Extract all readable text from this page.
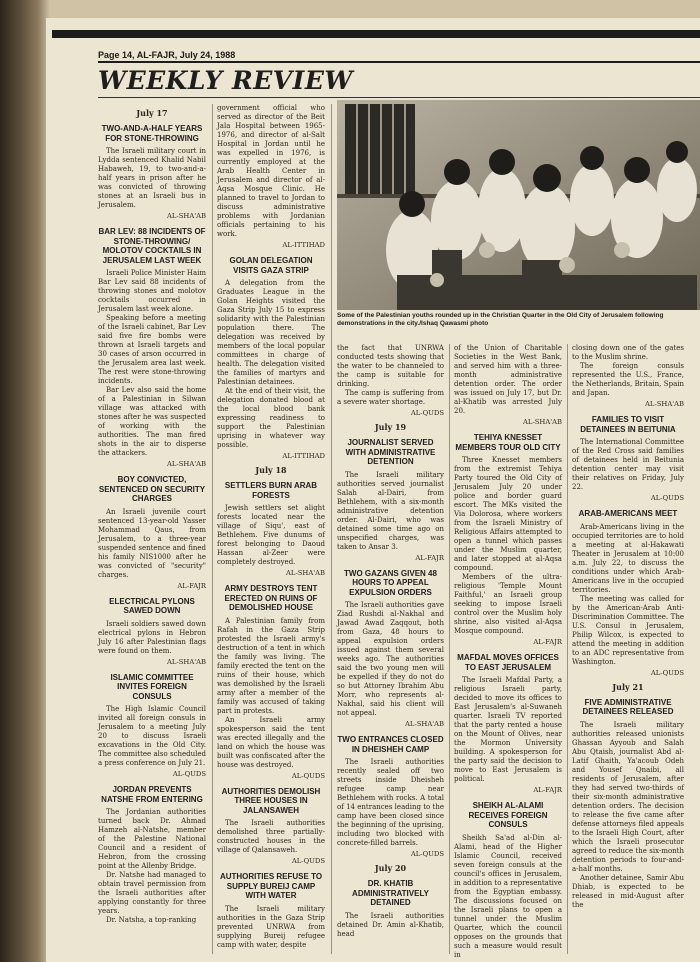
Page 14, AL-FAJR, July 24, 1988
WEEKLY REVIEW
July 17
TWO-AND-A-HALF YEARS FOR STONE-THROWING

The Israeli military court in Lydda sentenced Khalid Nabil Habaweh, 19, to two-and-a-half years in prison after he was convicted of throwing stones at an Israeli bus in Jerusalem.

AL-SHA'AB
BAR LEV: 88 INCIDENTS OF STONE-THROWING/ MOLOTOV COCKTAILS IN JERUSALEM LAST WEEK

Israeli Police Minister Haim Bar Lev said 88 incidents of throwing stones and molotov cocktails occurred in Jerusalem last week alone.

Speaking before a meeting of the Israeli cabinet, Bar Lev said five fire bombs were thrown at Israeli targets and 30 cases of arson occurred in the Jerusalem area last week. The rest were stone-throwing incidents.

Bar Lev also said the home of a Palestinian in Silwan village was attacked with stones after he was suspected of working with the authorities. The man fired shots in the air to disperse the attackers.

AL-SHA'AB
BOY CONVICTED, SENTENCED ON SECURITY CHARGES

An Israeli juvenile court sentenced 13-year-old Yasser Mohammad Qaus, from Jerusalem, to a three-year suspended sentence and fined his family NIS1000 after he was convicted of "security" charges.

AL-FAJR
ELECTRICAL PYLONS SAWED DOWN

Israeli soldiers sawed down electrical pylons in Hebron July 16 after Palestinian flags were found on them.

AL-SHA'AB
ISLAMIC COMMITTEE INVITES FOREIGN CONSULS

The High Islamic Council invited all foreign consuls in Jerusalem to a meeting July 20 to discuss Israeli excavations in the Old City. The committee also scheduled a press conference on July 21.

AL-QUDS
JORDAN PREVENTS NATSHE FROM ENTERING

The Jordanian authorities turned back Dr. Ahmad Hamzeh al-Natshe, member of the Palestine National Council and a resident of Hebron, from the crossing point at the Allenby Bridge.

Dr. Natshe had managed to obtain travel permission from the Israeli authorities after applying constantly for three years.

Dr. Natsha, a top-ranking

government official who served as director of the Beit Jala Hospital between 1965-1976, and director of al-Salt Hospital in Jordan until he was expelled in 1976, is currently employed at the Arab Health Center in Jerusalem and director of al-Aqsa Mosque Clinic. He planned to travel to Jordan to discuss administrative problems with Jordanian officials pertaining to his work.

AL-ITTIHAD
GOLAN DELEGATION VISITS GAZA STRIP

A delegation from the Graduates League in the Golan Heights visited the Gaza Strip July 15 to express solidarity with the Palestinian population there. The delegation was received by members of the local popular committees in charge of health. The delegation visited the families of martyrs and Palestinian detainees.

At the end of their visit, the delegation donated blood at the local blood bank expressing readiness to support the Palestinian uprising in whatever way possible.

AL-ITTIHAD
July 18
SETTLERS BURN ARAB FORESTS

Jewish settlers set alight forests located near the village of Siqu', east of Bethlehem. Five dunums of forest belonging to Daoud Hassan al-Zeer were completely destroyed.

AL-SHA'AB
ARMY DESTROYS TENT ERECTED ON RUINS OF DEMOLISHED HOUSE

A Palestinian family from Rafah in the Gaza Strip protested the Israeli army's destruction of a tent in which the family was living. The family erected the tent on the ruins of their house, which was demolished by the Israeli army after a member of the family was accused of taking part in protests.

An Israeli army spokesperson said the tent was erected illegally and the land on which the house was built was confiscated after the house was destroyed.

AL-QUDS
AUTHORITIES DEMOLISH THREE HOUSES IN JALANSAWEH

The Israeli authorities demolished three partially-constructed houses in the village of Qalansaweh.

AL-QUDS
AUTHORITIES REFUSE TO SUPPLY BUREIJ CAMP WITH WATER

The Israeli military authorities in the Gaza Strip prevented UNRWA from supplying Bureij refugee camp with water, despite

Some of the Palestinian youths rounded up in the Christian Quarter in the Old City of Jerusalem following demonstrations in the city./Ishaq Qawasmi photo

the fact that UNRWA conducted tests showing that the water to be channeled to the camp is suitable for drinking.

The camp is suffering from a severe water shortage.

AL-QUDS
July 19
JOURNALIST SERVED WITH ADMINISTRATIVE DETENTION

The Israeli military authorities served journalist Salah al-Dairi, from Bethlehem, with a six-month administrative detention order. Al-Dairi, who was detained some time ago on unspecified charges, was taken to Ansar 3.

AL-FAJR
TWO GAZANS GIVEN 48 HOURS TO APPEAL EXPULSION ORDERS

The Israeli authorities gave Ziad Rushdi al-Nakhal and Jawad Awad Zaqqout, both from Gaza, 48 hours to appeal expulsion orders issued against them several weeks ago. The authorities said the two young men will be expelled if they do not do so but Attorney Ibrahim Abu Morr, who represents al-Nakhal, said his client will not appeal.

AL-SHA'AB
TWO ENTRANCES CLOSED IN DHEISHEH CAMP

The Israeli authorities recently sealed off two streets inside Dheisheh refugee camp near Bethlehem with rocks. A total of 14 entrances leading to the camp have been closed since the beginning of the uprising, including two blocked with concrete-filled barrels.

AL-QUDS
July 20
DR. KHATIB ADMINISTRATIVELY DETAINED

The Israeli authorities detained Dr. Amin al-Khatib, head

of the Union of Charitable Societies in the West Bank, and served him with a three-month administrative detention order. The order was issued on July 17, but Dr. al-Khatib was arrested July 20.

AL-SHA'AB
TEHIYA KNESSET MEMBERS TOUR OLD CITY

Three Knesset members from the extremist Tehiya Party toured the Old City of Jerusalem July 20 under police and border guard escort. The MKs visited the Via Dolorosa, where workers from the Israeli Ministry of Religious Affairs attempted to open a tunnel which passes under the Muslim quarter, and later stopped at al-Aqsa compound.

Members of the ultra-religious 'Temple Mount Faithful,' an Israeli group seeking to impose Israeli control over the Muslim holy shrine, also visited al-Aqsa Mosque compound.

AL-FAJR
MAFDAL MOVES OFFICES TO EAST JERUSALEM

The Israeli Mafdal Party, a religious Israeli party, decided to move its offices to East Jerusalem's al-Suwaneh quarter. Israeli TV reported that the party rented a house on the Mount of Olives, near the Mormon University building. A spokesperson for the party said the decision to move to East Jerusalem is political.

AL-FAJR
SHEIKH AL-ALAMI RECEIVES FOREIGN CONSULS

Sheikh Sa'ad al-Din al-Alami, head of the Higher Islamic Council, received seven foreign consuls at the council's offices in Jerusalem, in addition to a representative from the Egyptian embassy. The discussions focused on the Israeli plans to open a tunnel under the Muslim Quarter, which the council opposes on the grounds that such a measure would result in

closing down one of the gates to the Muslim shrine.

The foreign consuls represented the U.S., France, the Netherlands, Britain, Spain and Japan.

AL-SHA'AB
FAMILIES TO VISIT DETAINEES IN BEITUNIA

The International Committee of the Red Cross said families of detainees held in Beitunia detention center may visit their relatives on Friday, July 22.

AL-QUDS
ARAB-AMERICANS MEET

Arab-Americans living in the occupied territories are to hold a meeting at al-Hakawati Theater in Jerusalem at 10:00 a.m. July 22, to discuss the conditions under which Arab-Americans live in the occupied territories.

The meeting was called for by the American-Arab Anti-Discrimination Committee. The U.S. Consul in Jerusalem, Philip Wilcox, is expected to attend the meeting in addition to an ADC representative from Washington.

AL-QUDS
July 21
FIVE ADMINISTRATIVE DETAINEES RELEASED

The Israeli military authorities released unionists Ghassan Ayyoub and Salah Abu Qtaish, journalist Abd al-Latif Ghaith, Ya'acoub Odeh and Yousef Qnaibi, all residents of Jerusalem, after they had served two-thirds of their six-month administrative detention orders. The decision to release the five came after defense attorneys filed appeals to the Israeli High Court, after which the Israeli prosecutor agreed to reduce the six-month detention periods to four-and-a-half months.

Another detainee, Samir Abu Dhiab, is expected to be released in mid-August after the
